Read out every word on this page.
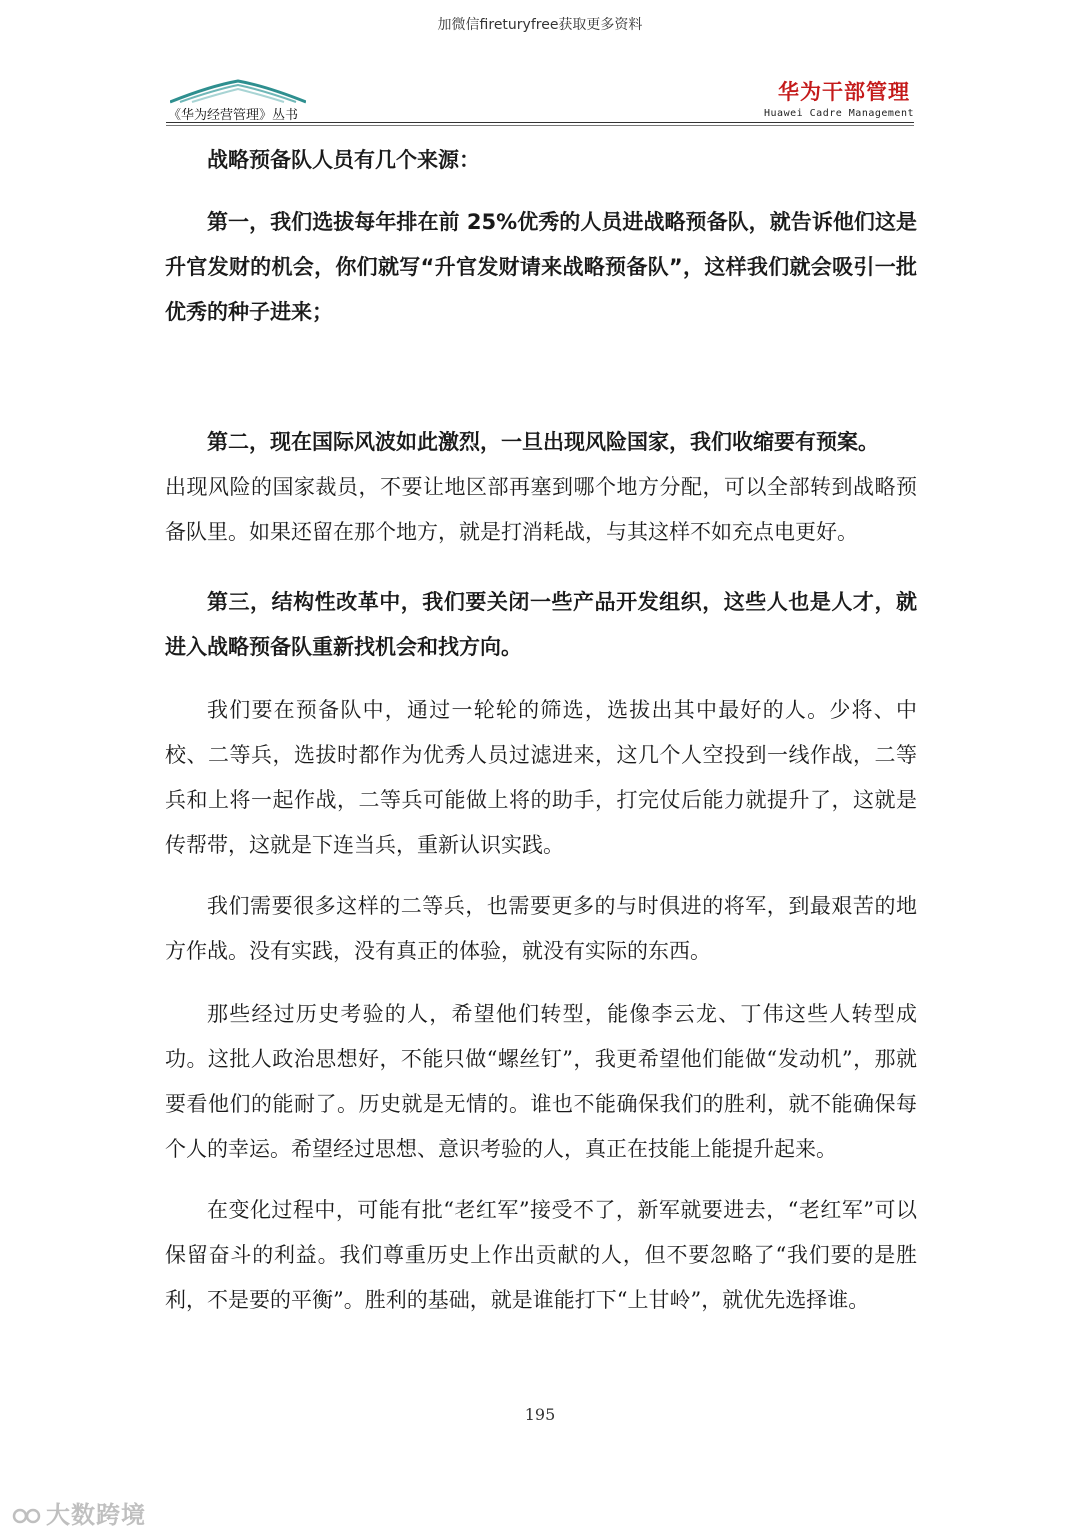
加微信fireturyfree获取更多资料
《华为经营管理》丛书
华为干部管理
Huawei Cadre Management

战略预备队人员有几个来源：

第一，我们选拔每年排在前 25%优秀的人员进战略预备队，就告诉他们这是升官发财的机会，你们就写“升官发财请来战略预备队”，这样我们就会吸引一批优秀的种子进来；

第二，现在国际风波如此激烈，一旦出现风险国家，我们收缩要有预案。

出现风险的国家裁员，不要让地区部再塞到哪个地方分配，可以全部转到战略预备队里。如果还留在那个地方，就是打消耗战，与其这样不如充点电更好。

第三，结构性改革中，我们要关闭一些产品开发组织，这些人也是人才，就进入战略预备队重新找机会和找方向。

我们要在预备队中，通过一轮轮的筛选，选拔出其中最好的人。少将、中校、二等兵，选拔时都作为优秀人员过滤进来，这几个人空投到一线作战，二等兵和上将一起作战，二等兵可能做上将的助手，打完仗后能力就提升了，这就是传帮带，这就是下连当兵，重新认识实践。

我们需要很多这样的二等兵，也需要更多的与时俱进的将军，到最艰苦的地方作战。没有实践，没有真正的体验，就没有实际的东西。

那些经过历史考验的人，希望他们转型，能像李云龙、丁伟这些人转型成功。这批人政治思想好，不能只做“螺丝钉”，我更希望他们能做“发动机”，那就要看他们的能耐了。历史就是无情的。谁也不能确保我们的胜利，就不能确保每个人的幸运。希望经过思想、意识考验的人，真正在技能上能提升起来。

在变化过程中，可能有批“老红军”接受不了，新军就要进去，“老红军”可以保留奋斗的利益。我们尊重历史上作出贡献的人，但不要忽略了“我们要的是胜利，不是要的平衡”。胜利的基础，就是谁能打下“上甘岭”，就优先选择谁。

195
大数跨境
